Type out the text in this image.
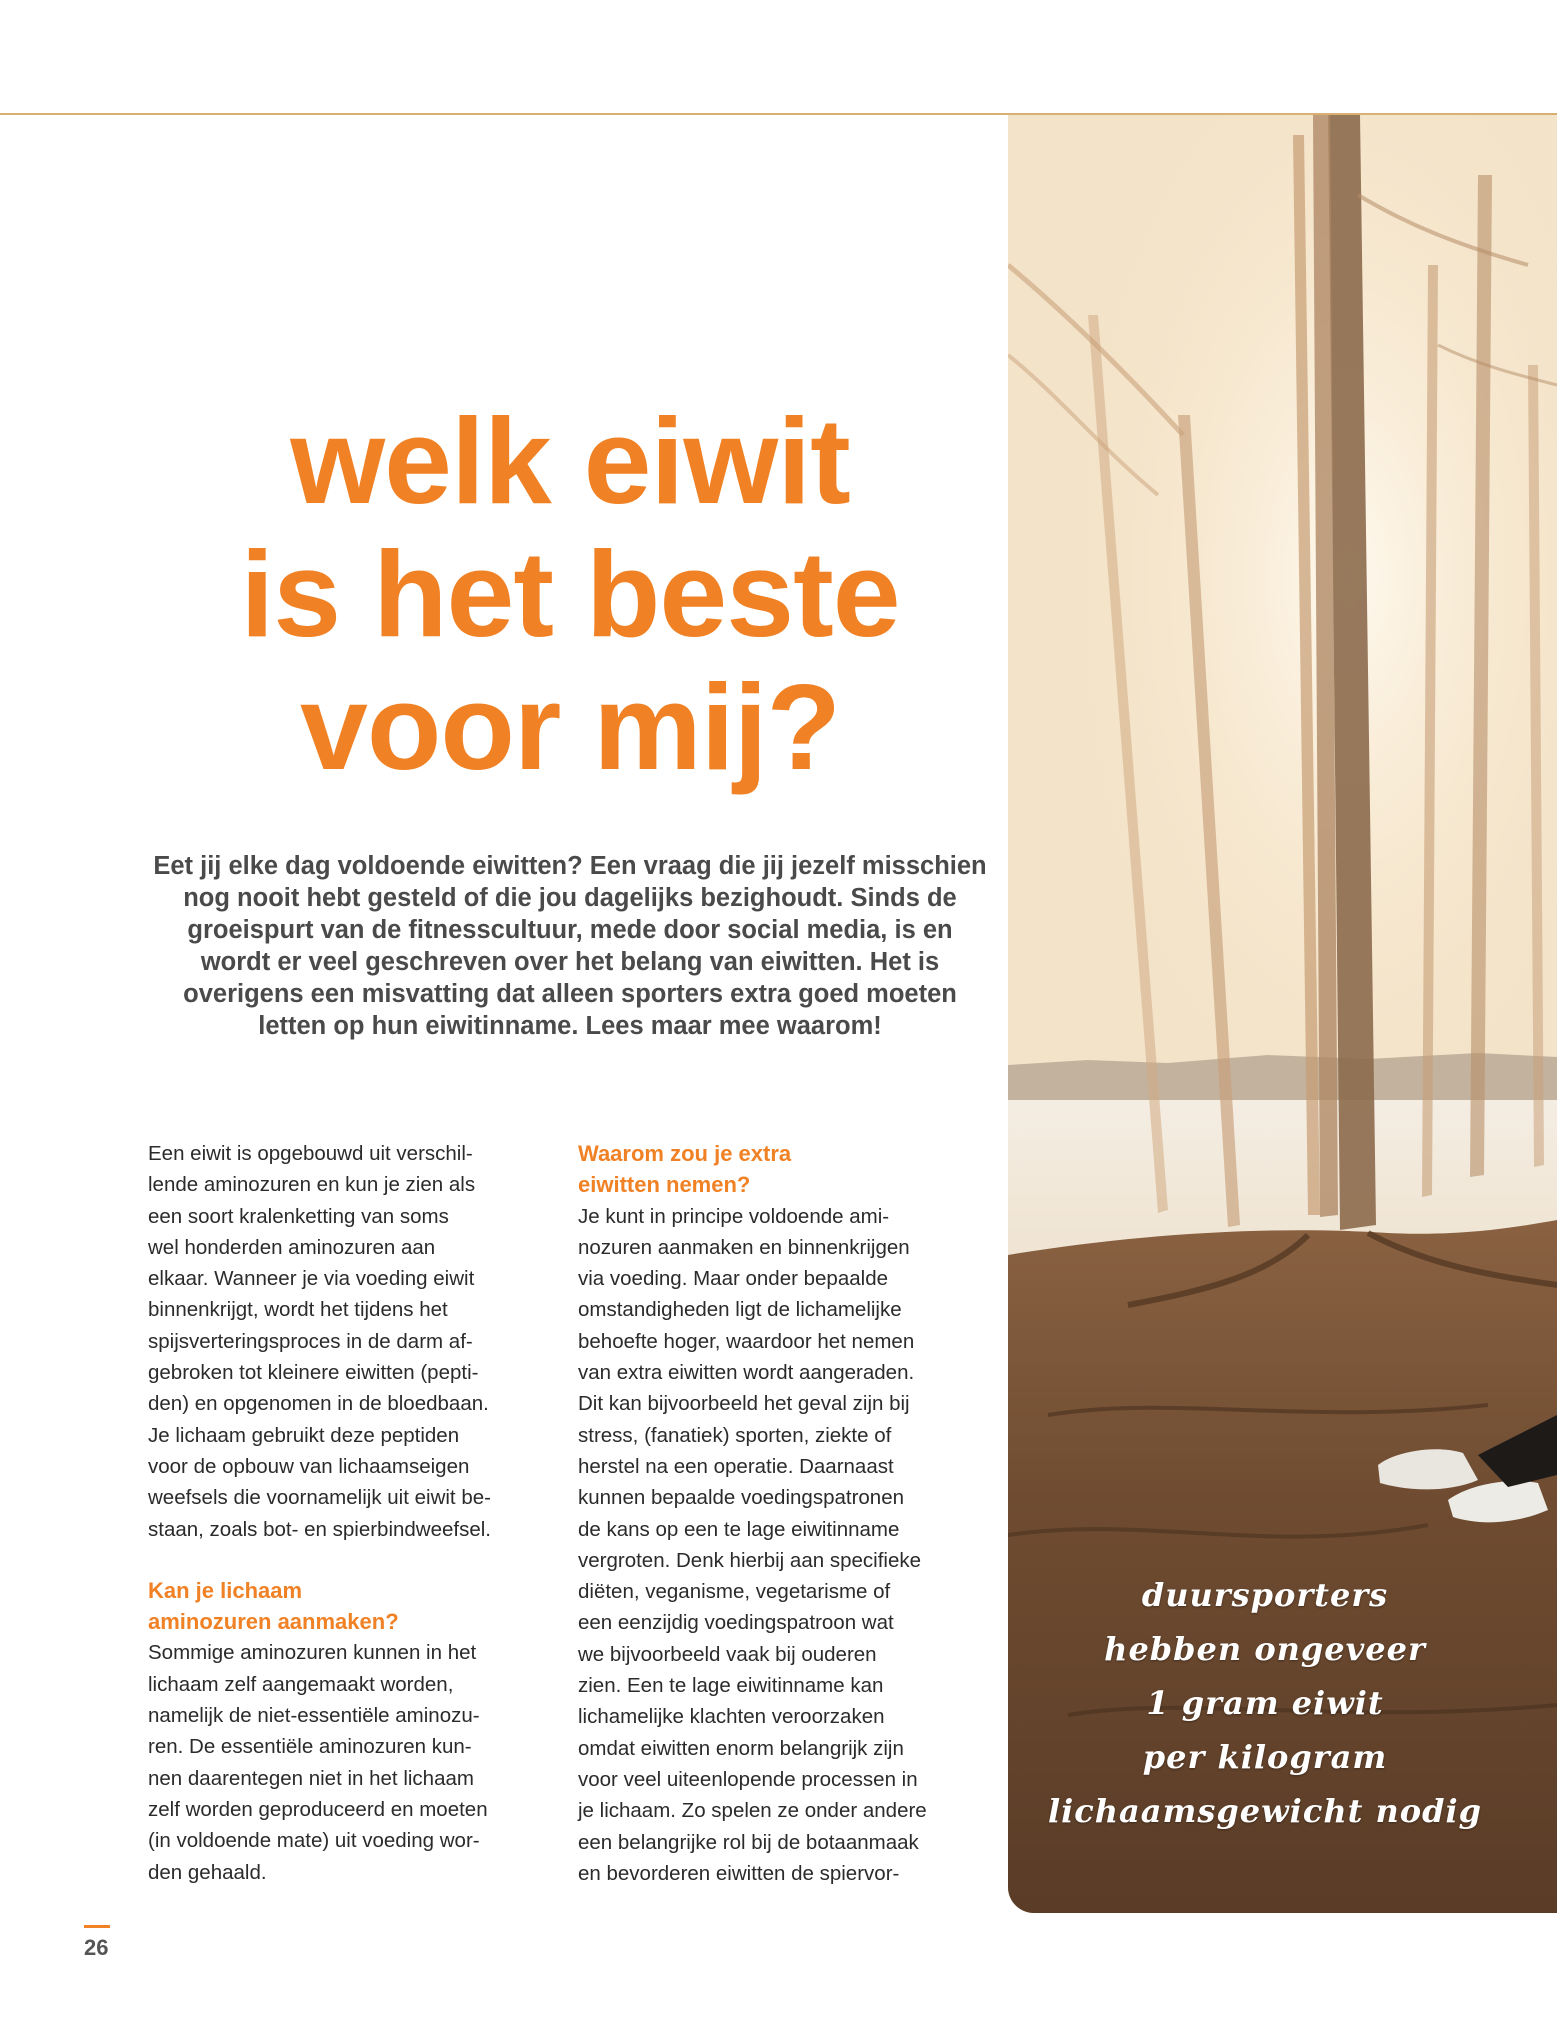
duursporters
hebben ongeveer
1 gram eiwit
per kilogram
lichaamsgewicht nodig
welk eiwit
is het beste
voor mij?

Eet jij elke dag voldoende eiwitten? Een vraag die jij jezelf misschien nog nooit hebt gesteld of die jou dagelijks bezighoudt. Sinds de groeispurt van de fitnesscultuur, mede door social media, is en wordt er veel geschreven over het belang van eiwitten. Het is overigens een misvatting dat alleen sporters extra goed moeten letten op hun eiwitinname. Lees maar mee waarom!

Een eiwit is opgebouwd uit verschil-
lende aminozuren en kun je zien als
een soort kralenketting van soms
wel honderden aminozuren aan
elkaar. Wanneer je via voeding eiwit
binnenkrijgt, wordt het tijdens het
spijsverteringsproces in de darm af-
gebroken tot kleinere eiwitten (pepti-
den) en opgenomen in de bloedbaan.
Je lichaam gebruikt deze peptiden
voor de opbouw van lichaamseigen
weefsels die voornamelijk uit eiwit be-
staan, zoals bot- en spierbindweefsel.

Kan je lichaam
aminozuren aanmaken?

Sommige aminozuren kunnen in het
lichaam zelf aangemaakt worden,
namelijk de niet-essentiële aminozu-
ren. De essentiële aminozuren kun-
nen daarentegen niet in het lichaam
zelf worden geproduceerd en moeten
(in voldoende mate) uit voeding wor-
den gehaald.

Waarom zou je extra
eiwitten nemen?

Je kunt in principe voldoende ami-
nozuren aanmaken en binnenkrijgen
via voeding. Maar onder bepaalde
omstandigheden ligt de lichamelijke
behoefte hoger, waardoor het nemen
van extra eiwitten wordt aangeraden.
Dit kan bijvoorbeeld het geval zijn bij
stress, (fanatiek) sporten, ziekte of
herstel na een operatie. Daarnaast
kunnen bepaalde voedingspatronen
de kans op een te lage eiwitinname
vergroten. Denk hierbij aan specifieke
diëten, veganisme, vegetarisme of
een eenzijdig voedingspatroon wat
we bijvoorbeeld vaak bij ouderen
zien. Een te lage eiwitinname kan
lichamelijke klachten veroorzaken
omdat eiwitten enorm belangrijk zijn
voor veel uiteenlopende processen in
je lichaam. Zo spelen ze onder andere
een belangrijke rol bij de botaanmaak
en bevorderen eiwitten de spiervor-

26
